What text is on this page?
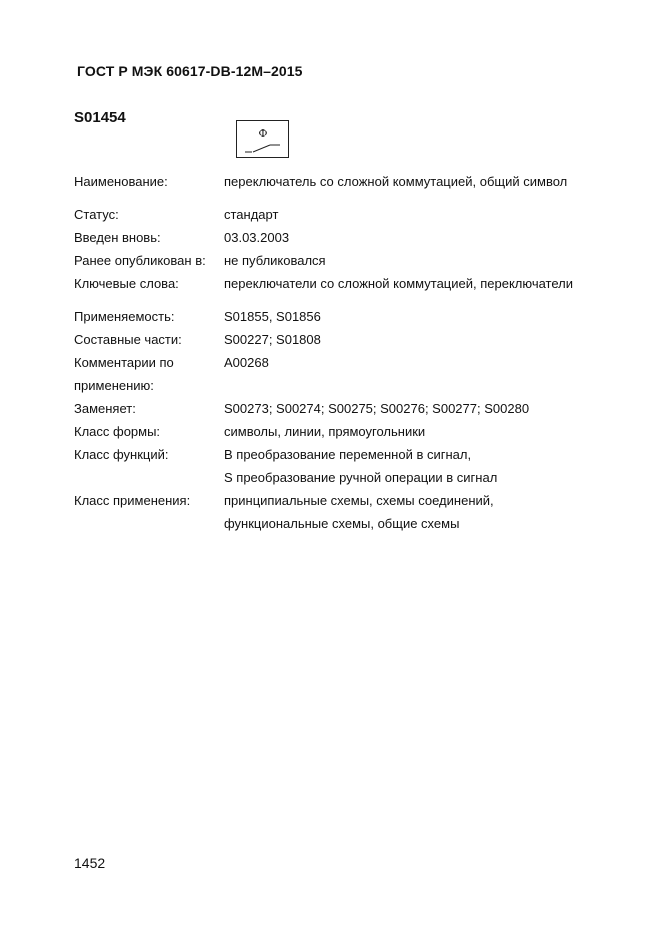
ГОСТ Р МЭК 60617-DB-12M–2015
S01454
Ф
Наименование:	переключатель со сложной коммутацией, общий символ
Статус:	стандарт
Введен вновь:	03.03.2003
Ранее опубликован в:	не публиковался
Ключевые слова:	переключатели со сложной коммутацией, переключатели
Применяемость:	S01855, S01856
Составные части:	S00227; S01808
Комментарии по	A00268
применению:
Заменяет:	S00273; S00274; S00275; S00276; S00277; S00280
Класс формы:	символы, линии, прямоугольники
Класс функций:	В преобразование переменной в сигнал,
S преобразование ручной операции в сигнал
Класс применения:	принципиальные схемы, схемы соединений,
функциональные схемы, общие схемы
1452
